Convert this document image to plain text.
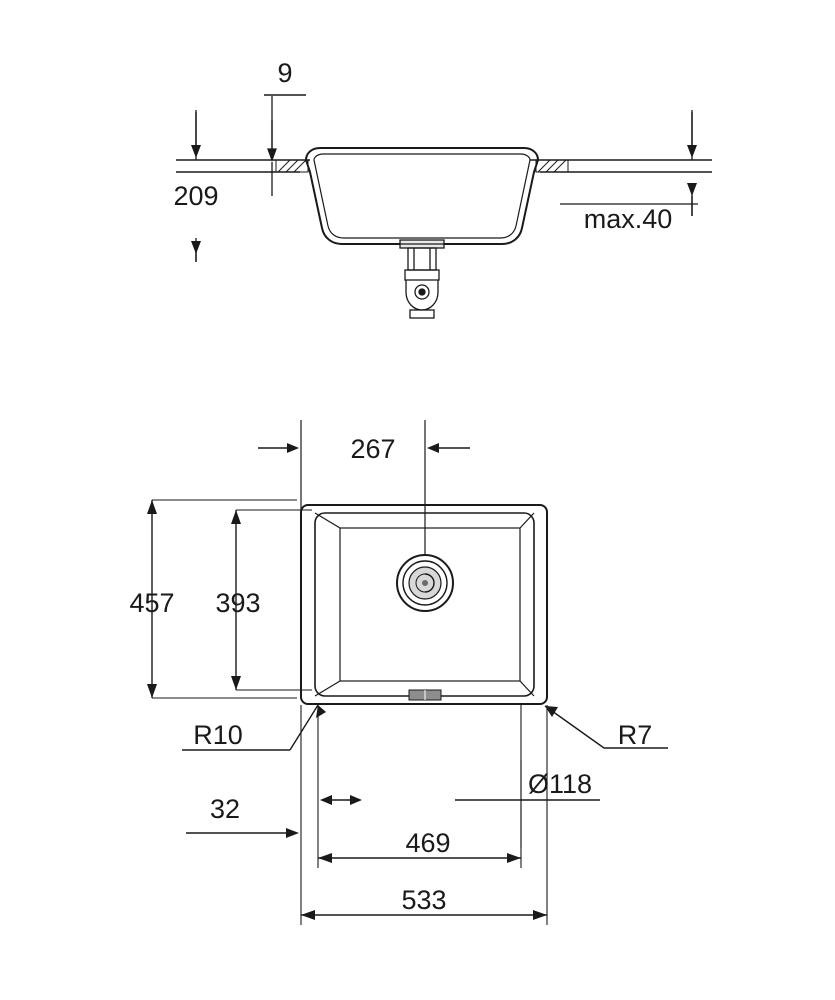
9
209
max.40
267
457 393
R10	R7
Ø118
32
469
533
